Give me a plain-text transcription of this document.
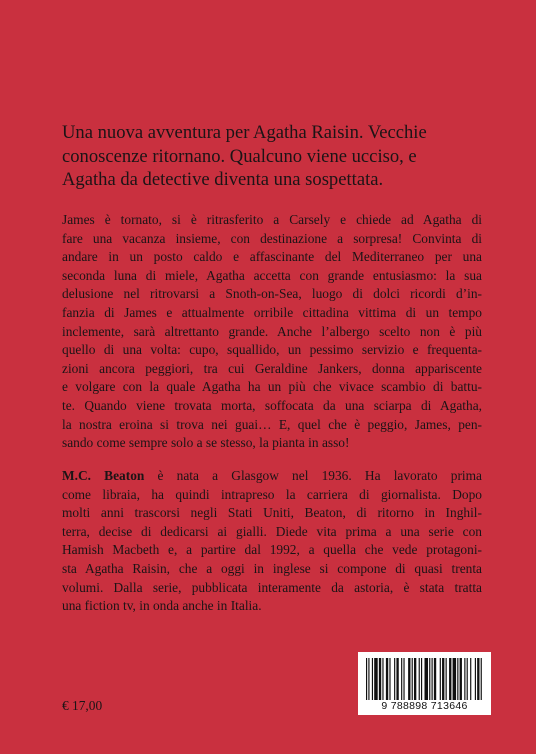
Una nuova avventura per Agatha Raisin. Vecchie
conoscenze ritornano. Qualcuno viene ucciso, e
Agatha da detective diventa una sospettata.
James è tornato, si è ritrasferito a Carsely e chiede ad Agatha di
fare una vacanza insieme, con destinazione a sorpresa! Convinta di
andare in un posto caldo e affascinante del Mediterraneo per una
seconda luna di miele, Agatha accetta con grande entusiasmo: la sua
delusione nel ritrovarsi a Snoth-on-Sea, luogo di dolci ricordi d’in-
fanzia di James e attualmente orribile cittadina vittima di un tempo
inclemente, sarà altrettanto grande. Anche l’albergo scelto non è più
quello di una volta: cupo, squallido, un pessimo servizio e frequenta-
zioni ancora peggiori, tra cui Geraldine Jankers, donna appariscente
e volgare con la quale Agatha ha un più che vivace scambio di battu-
te. Quando viene trovata morta, soffocata da una sciarpa di Agatha,
la nostra eroina si trova nei guai… E, quel che è peggio, James, pen-
sando come sempre solo a se stesso, la pianta in asso!
M.C. Beaton è nata a Glasgow nel 1936. Ha lavorato prima
come libraia, ha quindi intrapreso la carriera di giornalista. Dopo
molti anni trascorsi negli Stati Uniti, Beaton, di ritorno in Inghil-
terra, decise di dedicarsi ai gialli. Diede vita prima a una serie con
Hamish Macbeth e, a partire dal 1992, a quella che vede protagoni-
sta Agatha Raisin, che a oggi in inglese si compone di quasi trenta
volumi. Dalla serie, pubblicata interamente da astoria, è stata tratta
una fiction tv, in onda anche in Italia.
9 788898 713646
€ 17,00
